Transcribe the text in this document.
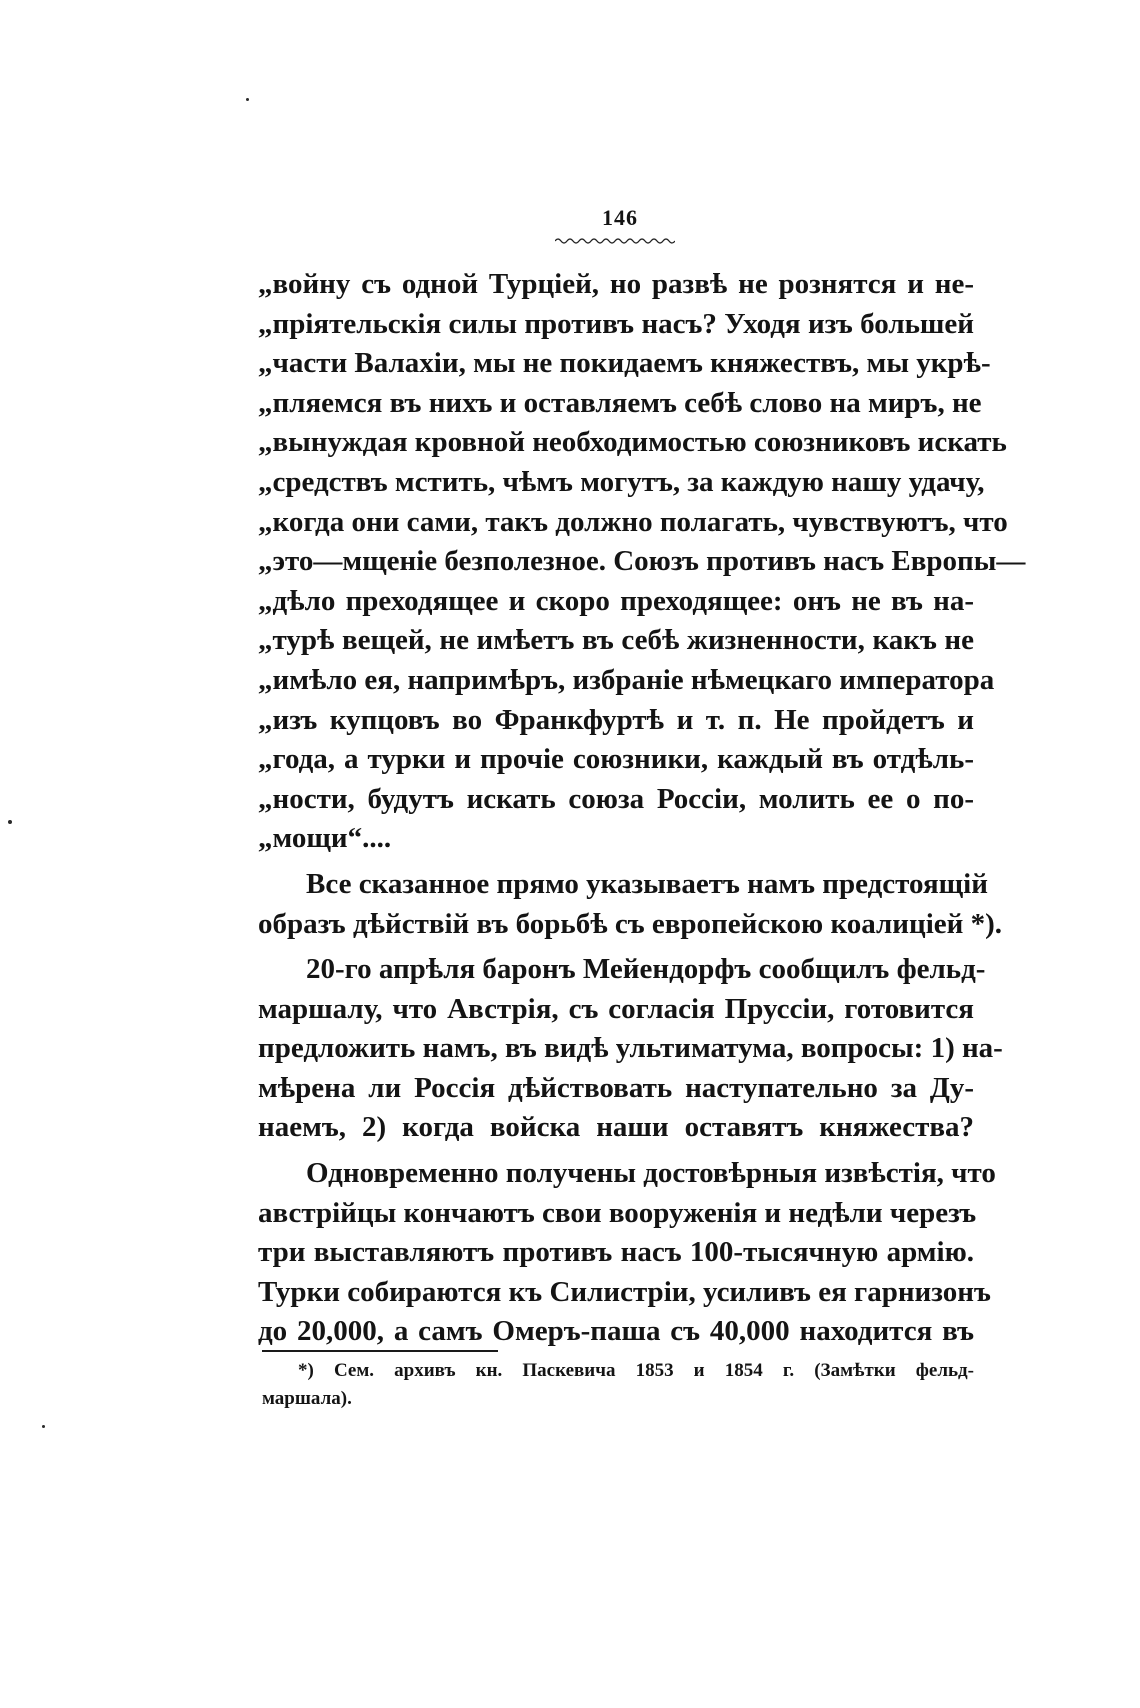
146
„войну съ одной Турціей, но развѣ не рознятся и не-
„пріятельскія силы противъ насъ? Уходя изъ большей
„части Валахіи, мы не покидаемъ княжествъ, мы укрѣ-
„пляемся въ нихъ и оставляемъ себѣ слово на миръ, не
„вынуждая кровной необходимостью союзниковъ искать
„средствъ мстить, чѣмъ могутъ, за каждую нашу удачу,
„когда они сами, такъ должно полагать, чувствуютъ, что
„это—мщеніе безполезное. Союзъ противъ насъ Европы—
„дѣло преходящее и скоро преходящее: онъ не въ на-
„турѣ вещей, не имѣетъ въ себѣ жизненности, какъ не
„имѣло ея, напримѣръ, избраніе нѣмецкаго императора
„изъ купцовъ во Франкфуртѣ и т. п. Не пройдетъ и
„года, а турки и прочіе союзники, каждый въ отдѣль-
„ности, будутъ искать союза Россіи, молить ее о по-
„мощи“....
Все сказанное прямо указываетъ намъ предстоящій
образъ дѣйствій въ борьбѣ съ европейскою коалиціей *).
20-го апрѣля баронъ Мейендорфъ сообщилъ фельд-
маршалу, что Австрія, съ согласія Пруссіи, готовится
предложить намъ, въ видѣ ультиматума, вопросы: 1) на-
мѣрена ли Россія дѣйствовать наступательно за Ду-
наемъ, 2) когда войска наши оставятъ княжества?
Одновременно получены достовѣрныя извѣстія, что
австрійцы кончаютъ свои вооруженія и недѣли черезъ
три выставляютъ противъ насъ 100-тысячную армію.
Турки собираются къ Силистріи, усиливъ ея гарнизонъ
до 20,000, а самъ Омеръ-паша съ 40,000 находится въ
*) Сем. архивъ кн. Паскевича 1853 и 1854 г. (Замѣтки фельд-
маршала).
